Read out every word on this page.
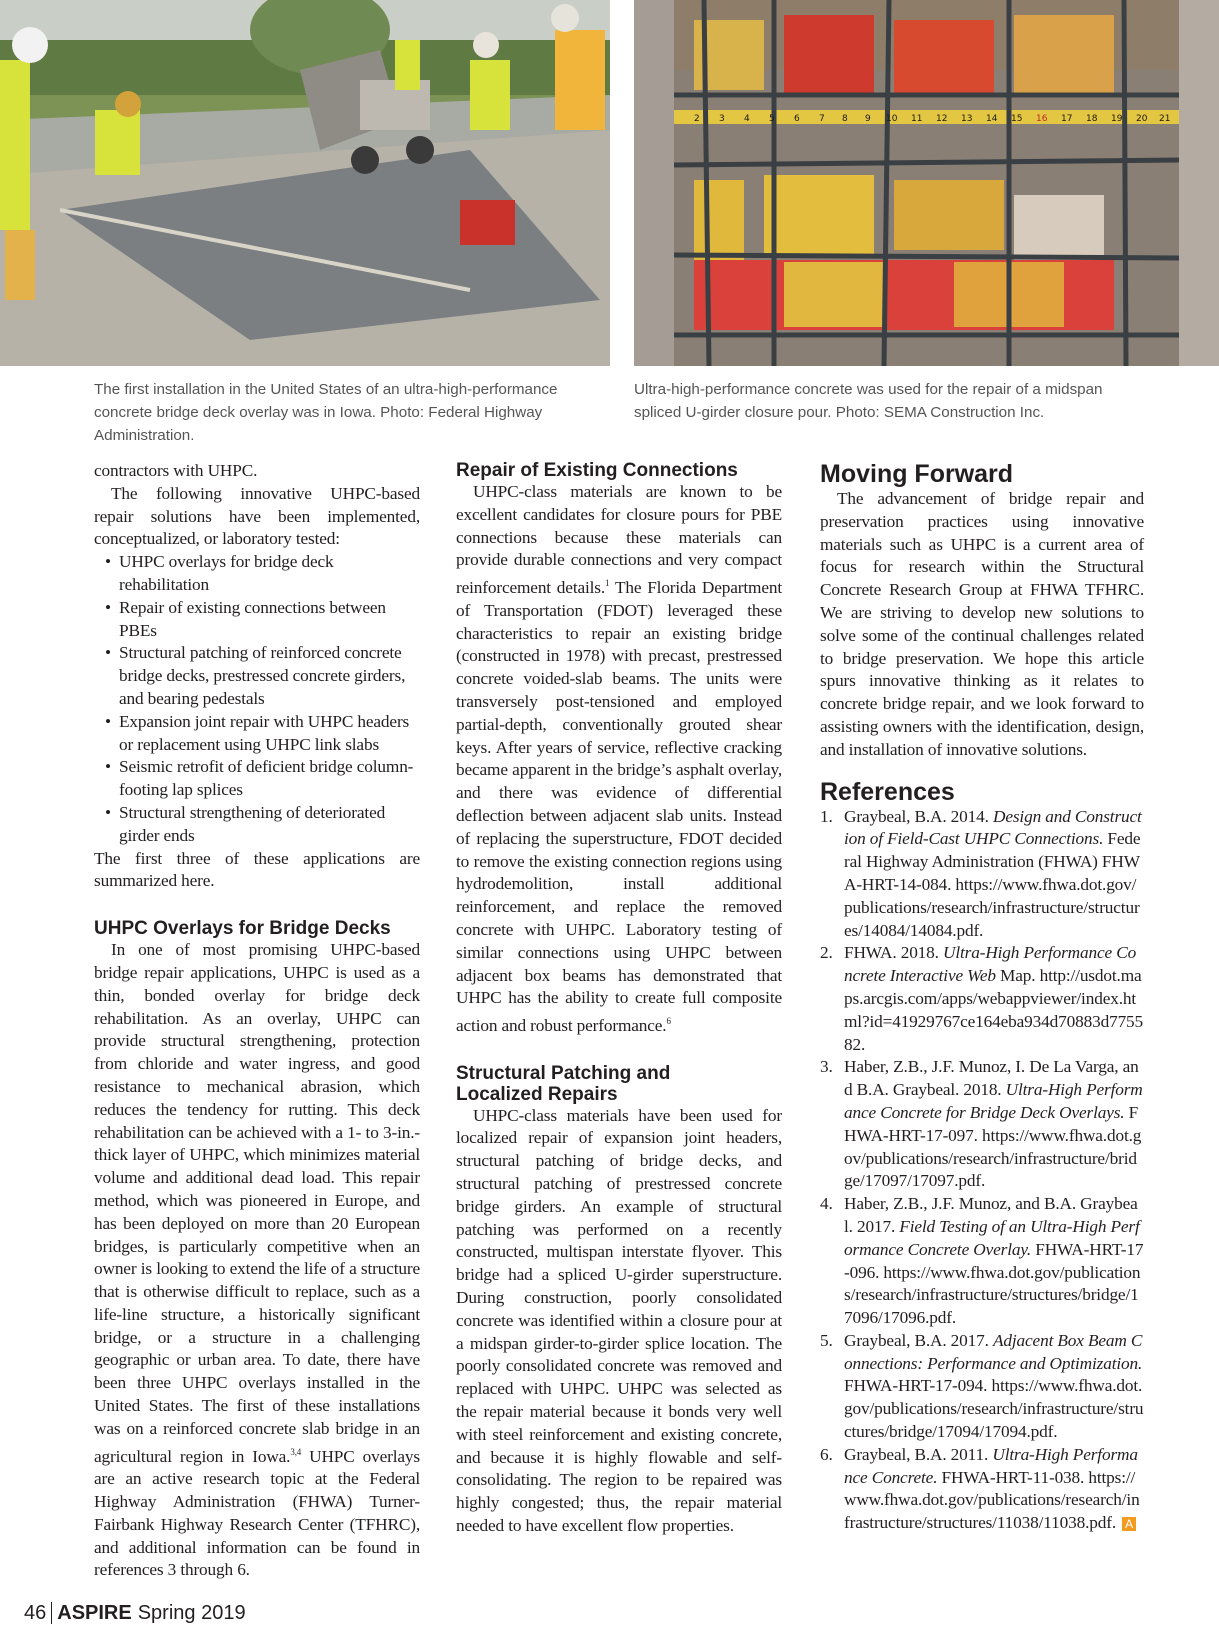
2 3 4 5 6 7 8 9 10 11 12 13 14 15 16 17 18 19 20 21
The first installation in the United States of an ultra-high-performance concrete bridge deck overlay was in Iowa. Photo: Federal Highway Administration.
Ultra-high-performance concrete was used for the repair of a midspan spliced U-girder closure pour. Photo: SEMA Construction Inc.

contractors with UHPC.

The following innovative UHPC-based repair solutions have been implemented, conceptualized, or laboratory tested:

• UHPC overlays for bridge deck rehabilitation
• Repair of existing connections between PBEs
• Structural patching of reinforced concrete bridge decks, prestressed concrete girders, and bearing pedestals
• Expansion joint repair with UHPC headers or replacement using UHPC link slabs
• Seismic retrofit of deficient bridge column-footing lap splices
• Structural strengthening of deteriorated girder ends

The first three of these applications are summarized here.

UHPC Overlays for Bridge Decks

In one of most promising UHPC-based bridge repair applications, UHPC is used as a thin, bonded overlay for bridge deck rehabilitation. As an overlay, UHPC can provide structural strengthening, protection from chloride and water ingress, and good resistance to mechanical abrasion, which reduces the tendency for rutting. This deck rehabilitation can be achieved with a 1- to 3-in.-thick layer of UHPC, which minimizes material volume and additional dead load. This repair method, which was pioneered in Europe, and has been deployed on more than 20 European bridges, is particularly competitive when an owner is looking to extend the life of a structure that is otherwise difficult to replace, such as a life-line structure, a historically significant bridge, or a structure in a challenging geographic or urban area. To date, there have been three UHPC overlays installed in the United States. The first of these installations was on a reinforced concrete slab bridge in an agricultural region in Iowa.$^{3,4}$ UHPC overlays are an active research topic at the Federal Highway Administration (FHWA) Turner-Fairbank Highway Research Center (TFHRC), and additional information can be found in references 3 through 6.

Repair of Existing Connections

UHPC-class materials are known to be excellent candidates for closure pours for PBE connections because these materials can provide durable connections and very compact reinforcement details.$^1$ The Florida Department of Transportation (FDOT) leveraged these characteristics to repair an existing bridge (constructed in 1978) with precast, prestressed concrete voided-slab beams. The units were transversely post-tensioned and employed partial-depth, conventionally grouted shear keys. After years of service, reflective cracking became apparent in the bridge’s asphalt overlay, and there was evidence of differential deflection between adjacent slab units. Instead of replacing the superstructure, FDOT decided to remove the existing connection regions using hydrodemolition, install additional reinforcement, and replace the removed concrete with UHPC. Laboratory testing of similar connections using UHPC between adjacent box beams has demonstrated that UHPC has the ability to create full composite action and robust performance.$^6$

Structural Patching and
Localized Repairs

UHPC-class materials have been used for localized repair of expansion joint headers, structural patching of bridge decks, and structural patching of prestressed concrete bridge girders. An example of structural patching was performed on a recently constructed, multispan interstate flyover. This bridge had a spliced U-girder superstructure. During construction, poorly consolidated concrete was identified within a closure pour at a midspan girder-to-girder splice location. The poorly consolidated concrete was removed and replaced with UHPC. UHPC was selected as the repair material because it bonds very well with steel reinforcement and existing concrete, and because it is highly flowable and self-consolidating. The region to be repaired was highly congested; thus, the repair material needed to have excellent flow properties.

Moving Forward

The advancement of bridge repair and preservation practices using innovative materials such as UHPC is a current area of focus for research within the Structural Concrete Research Group at FHWA TFHRC. We are striving to develop new solutions to solve some of the continual challenges related to bridge preservation. We hope this article spurs innovative thinking as it relates to concrete bridge repair, and we look forward to assisting owners with the identification, design, and installation of innovative solutions.

References
1. Graybeal, B.A. 2014. Design and Construction of Field-Cast UHPC Connections. Federal Highway Administration (FHWA) FHWA-HRT-14-084. https://www.fhwa.dot.gov/publications/research/infrastructure/structures/14084/14084.pdf.
2. FHWA. 2018. Ultra-High Performance Concrete Interactive Web Map. http://usdot.maps.arcgis.com/apps/webappviewer/index.html?id=41929767ce164eba934d70883d775582.
3. Haber, Z.B., J.F. Munoz, I. De La Varga, and B.A. Graybeal. 2018. Ultra-High Performance Concrete for Bridge Deck Overlays. FHWA-HRT-17-097. https://www.fhwa.dot.gov/publications/research/infrastructure/bridge/17097/17097.pdf.
4. Haber, Z.B., J.F. Munoz, and B.A. Graybeal. 2017. Field Testing of an Ultra-High Performance Concrete Overlay. FHWA-HRT-17-096. https://www.fhwa.dot.gov/publications/research/infrastructure/structures/bridge/17096/17096.pdf.
5. Graybeal, B.A. 2017. Adjacent Box Beam Connections: Performance and Optimization. FHWA-HRT-17-094. https://www.fhwa.dot.gov/publications/research/infrastructure/structures/bridge/17094/17094.pdf.
6. Graybeal, B.A. 2011. Ultra-High Performance Concrete. FHWA-HRT-11-038. https://www.fhwa.dot.gov/publications/research/infrastructure/structures/11038/11038.pdf. A
46 ASPIRE Spring 2019
